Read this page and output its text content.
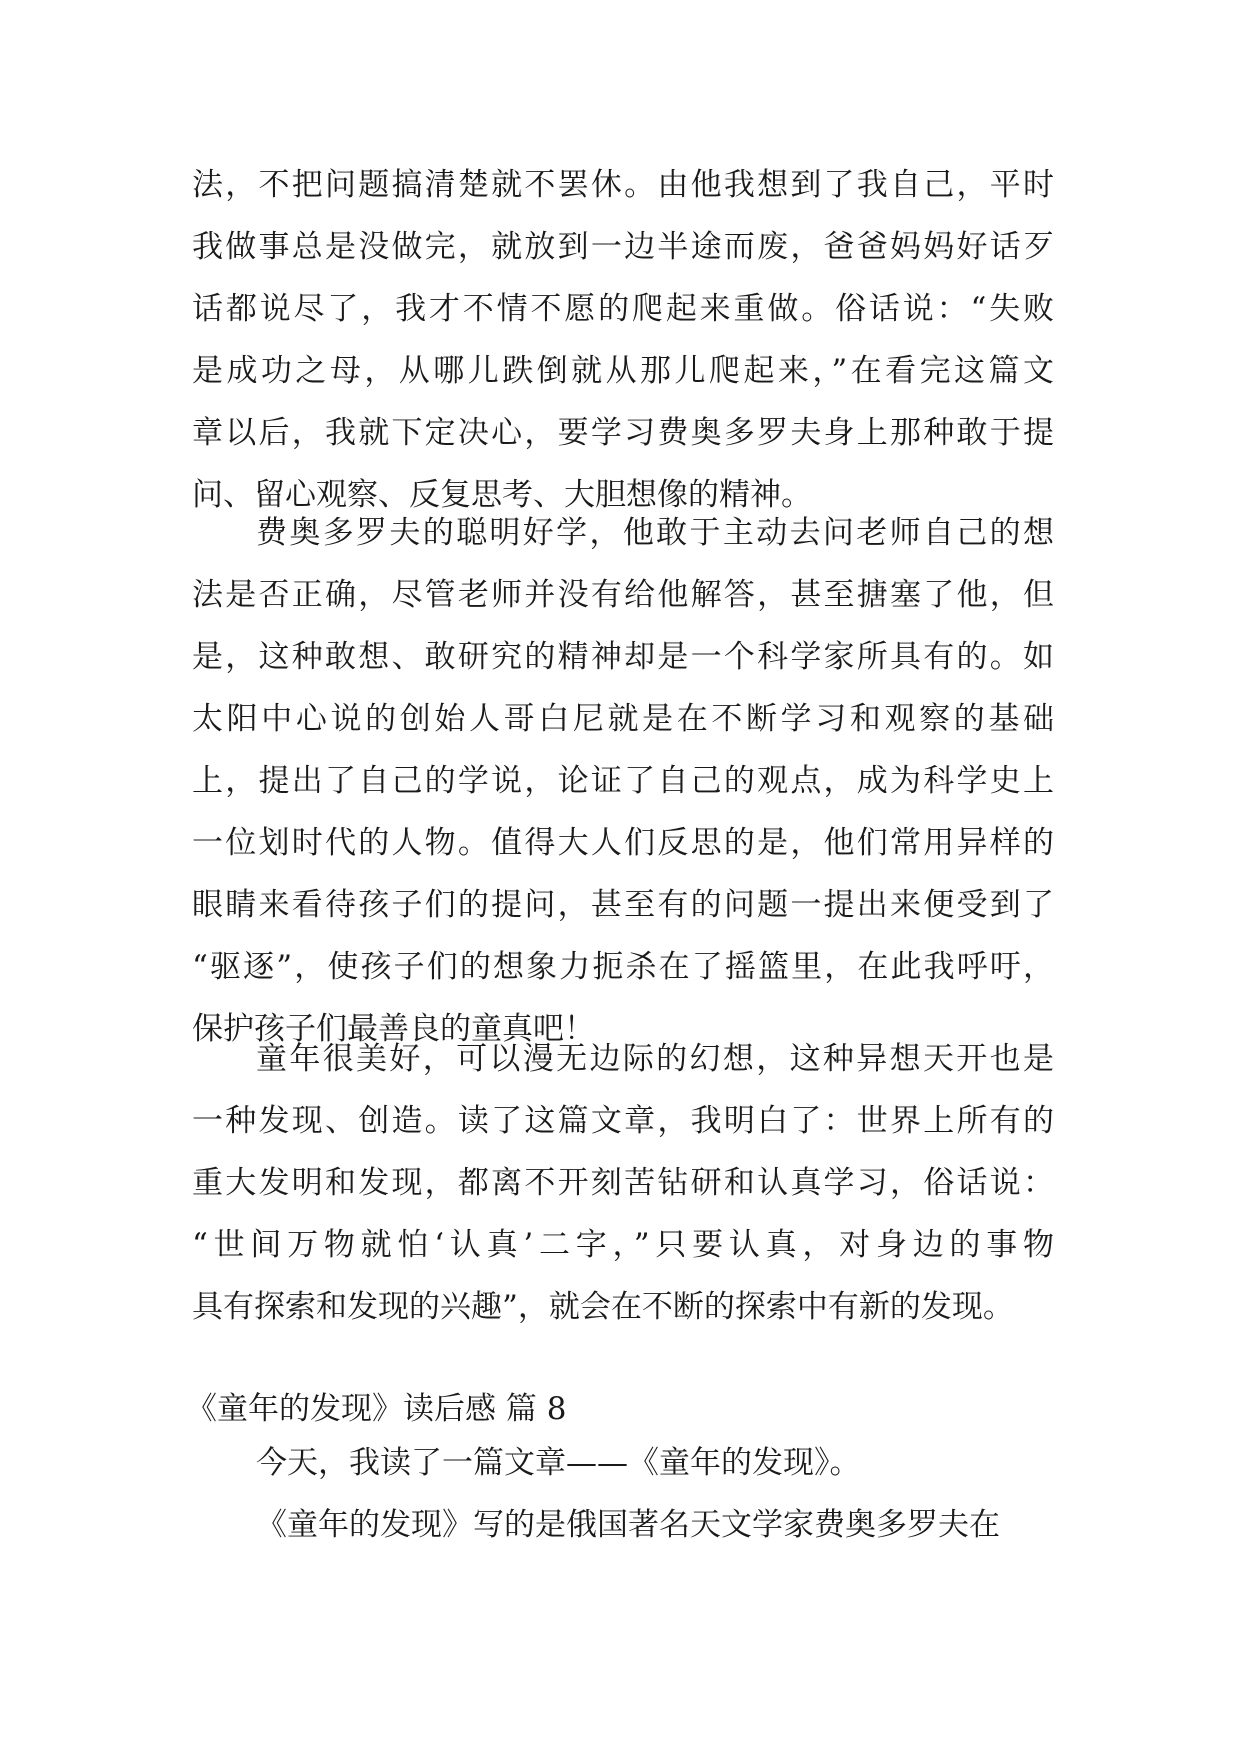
法，不把问题搞清楚就不罢休。由他我想到了我自己，平时
我做事总是没做完，就放到一边半途而废，爸爸妈妈好话歹
话都说尽了，我才不情不愿的爬起来重做。俗话说：“失败
是成功之母，从哪儿跌倒就从那儿爬起来，”在看完这篇文
章以后，我就下定决心，要学习费奥多罗夫身上那种敢于提
问、留心观察、反复思考、大胆想像的精神。
费奥多罗夫的聪明好学，他敢于主动去问老师自己的想
法是否正确，尽管老师并没有给他解答，甚至搪塞了他，但
是，这种敢想、敢研究的精神却是一个科学家所具有的。如
太阳中心说的创始人哥白尼就是在不断学习和观察的基础
上，提出了自己的学说，论证了自己的观点，成为科学史上
一位划时代的人物。值得大人们反思的是，他们常用异样的
眼睛来看待孩子们的提问，甚至有的问题一提出来便受到了
“驱逐”，使孩子们的想象力扼杀在了摇篮里，在此我呼吁，
保护孩子们最善良的童真吧！
童年很美好，可以漫无边际的幻想，这种异想天开也是
一种发现、创造。读了这篇文章，我明白了：世界上所有的
重大发明和发现，都离不开刻苦钻研和认真学习，俗话说：
“世间万物就怕‘认真’二字，”只要认真，对身边的事物
具有探索和发现的兴趣”，就会在不断的探索中有新的发现。
《童年的发现》读后感 篇 8
今天，我读了一篇文章——《童年的发现》。
《童年的发现》写的是俄国著名天文学家费奥多罗夫在
